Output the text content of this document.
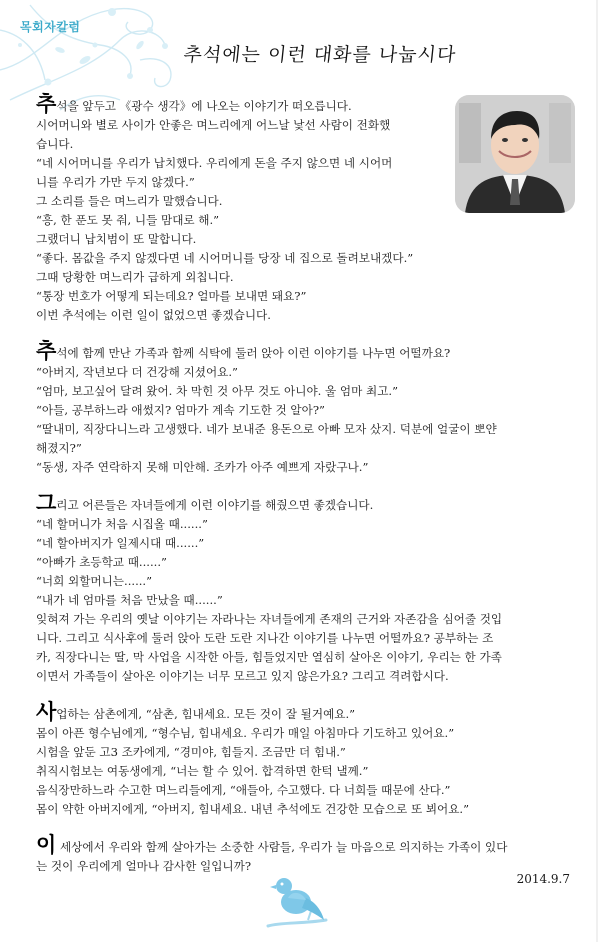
목회자칼럼
추석에는 이런 대화를 나눕시다

추석을 앞두고 《광수 생각》에 나오는 이야기가 떠오릅니다.

시어머니와 별로 사이가 안좋은 며느리에게 어느날 낯선 사람이 전화했

습니다.

“네 시어머니를 우리가 납치했다. 우리에게 돈을 주지 않으면 네 시어머

니를 우리가 가만 두지 않겠다.”

그 소리를 들은 며느리가 말했습니다.

“흥, 한 푼도 못 줘, 니들 맘대로 해.”

그랬더니 납치범이 또 말합니다.

“좋다. 몸값을 주지 않겠다면 네 시어머니를 당장 네 집으로 돌려보내겠다.”

그때 당황한 며느리가 급하게 외칩니다.

“통장 번호가 어떻게 되는데요? 얼마를 보내면 돼요?”

이번 추석에는 이런 일이 없었으면 좋겠습니다.

추석에 함께 만난 가족과 함께 식탁에 둘러 앉아 이런 이야기를 나누면 어떨까요?

“아버지, 작년보다 더 건강해 지셨어요.”

“엄마, 보고싶어 달려 왔어. 차 막힌 것 아무 것도 아니야. 울 엄마 최고.”

“아들, 공부하느라 애썼지? 엄마가 계속 기도한 것 알아?”

“딸내미, 직장다니느라 고생했다. 네가 보내준 용돈으로 아빠 모자 샀지. 덕분에 얼굴이 뽀얀

해졌지?”

“동생, 자주 연락하지 못해 미안해. 조카가 아주 예쁘게 자랐구나.”

그리고 어른들은 자녀들에게 이런 이야기를 해줬으면 좋겠습니다.

“네 할머니가 처음 시집올 때......”

“네 할아버지가 일제시대 때......”

“아빠가 초등학교 때......”

“너희 외할머니는......”

“내가 네 엄마를 처음 만났을 때......”

잊혀져 가는 우리의 옛날 이야기는 자라나는 자녀들에게 존재의 근거와 자존감을 심어줄 것입

니다. 그리고 식사후에 둘러 앉아 도란 도란 지나간 이야기를 나누면 어떨까요? 공부하는 조

카, 직장다니는 딸, 막 사업을 시작한 아들, 힘들었지만 열심히 살아온 이야기, 우리는 한 가족

이면서 가족들이 살아온 이야기는 너무 모르고 있지 않은가요? 그리고 격려합시다.

사업하는 삼촌에게, “삼촌, 힘내세요. 모든 것이 잘 될거예요.”

몸이 아픈 형수님에게, “형수님, 힘내세요. 우리가 매일 아침마다 기도하고 있어요.”

시험을 앞둔 고3 조카에게, “경미야, 힘들지. 조금만 더 힘내.”

취직시험보는 여동생에게, “너는 할 수 있어. 합격하면 한턱 낼께.”

음식장만하느라 수고한 며느리들에게, “애들아, 수고했다. 다 너희들 때문에 산다.”

몸이 약한 아버지에게, “아버지, 힘내세요. 내년 추석에도 건강한 모습으로 또 뵈어요.”

이 세상에서 우리와 함께 살아가는 소중한 사람들, 우리가 늘 마음으로 의지하는 가족이 있다

는 것이 우리에게 얼마나 감사한 일입니까?

2014.9.7
